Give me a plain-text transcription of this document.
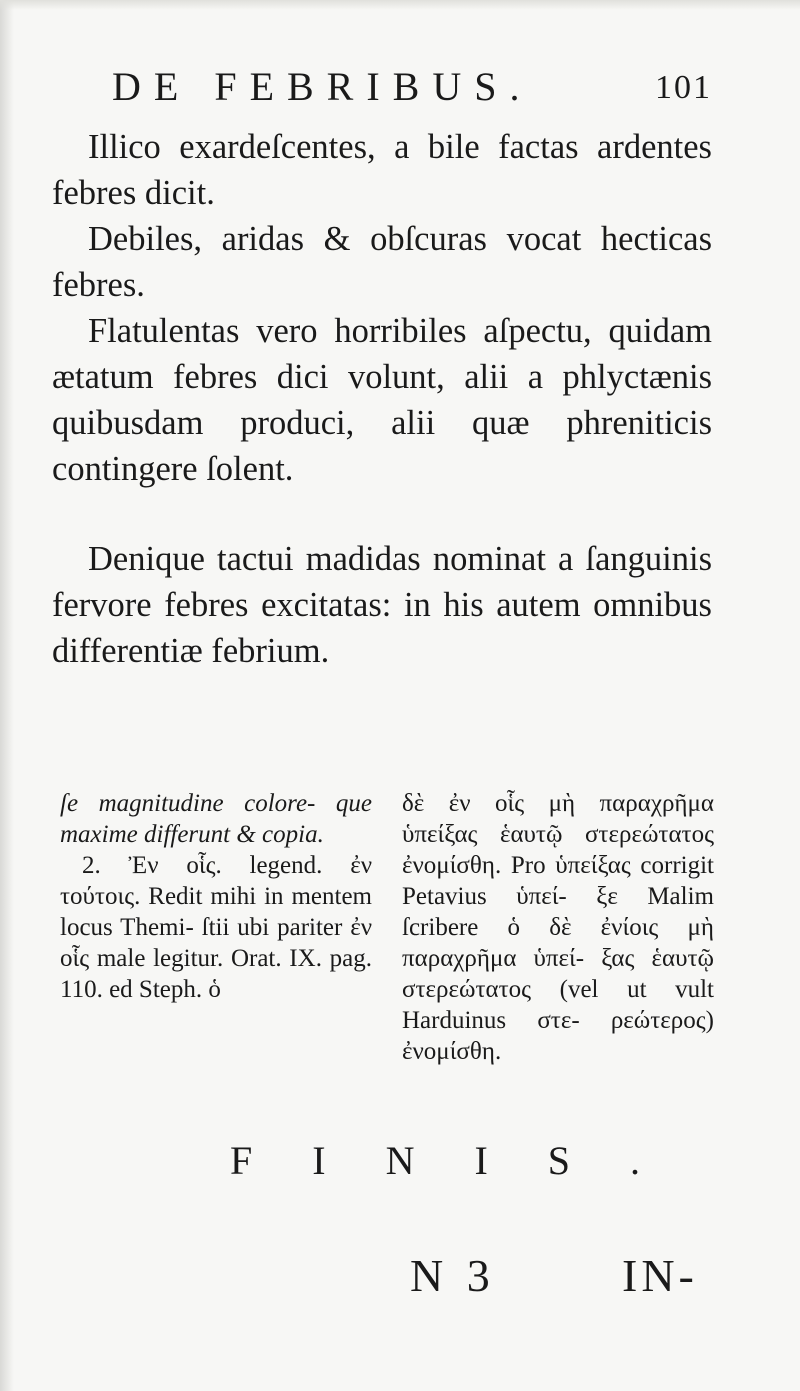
DE FEBRIBUS.	101

Illico exardeſcentes, a bile factas ardentes febres dicit.

Debiles, aridas & obſcuras vocat hecticas febres.

Flatulentas vero horribiles aſpectu, quidam ætatum febres dici volunt, alii a phlyctænis quibusdam produci, alii quæ phreniticis contingere ſolent.

Denique tactui madidas nominat a ſanguinis fervore febres excitatas: in his autem omnibus differentiæ febrium.

ſe magnitudine colore- que maxime differunt & copia.

2. Ἐν οἷς. legend. ἐν τούτοις. Redit mihi in mentem locus Themi- ſtii ubi pariter ἐν οἷς male legitur. Orat. IX. pag. 110. ed Steph. ὁ

δὲ ἐν οἷς μὴ παραχρῆμα ὑπείξας ἑαυτῷ στερεώτατος ἐνομίσθη. Pro ὑπείξας corrigit Petavius ὑπεί- ξε Malim ſcribere ὁ δὲ ἐνίοις μὴ παραχρῆμα ὑπεί- ξας ἑαυτῷ στερεώτατος (vel ut vult Harduinus στε- ρεώτερος) ἐνομίσθη.

FINIS.
N 3	IN-
